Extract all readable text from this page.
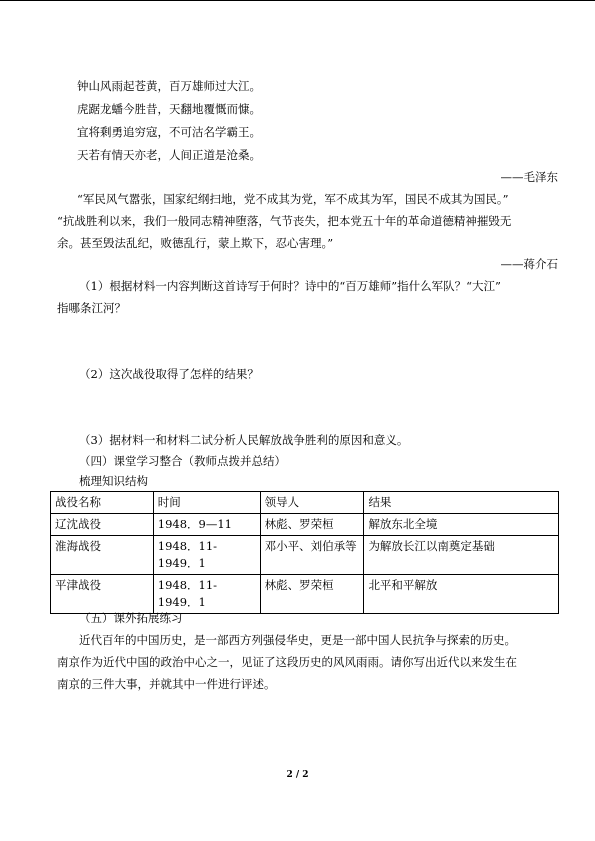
钟山风雨起苍黄，百万雄师过大江。
虎踞龙蟠今胜昔，天翻地覆慨而慷。
宜将剩勇追穷寇，不可沽名学霸王。
天若有情天亦老，人间正道是沧桑。
——毛泽东
“军民风气嚣张，国家纪纲扫地，党不成其为党，军不成其为军，国民不成其为国民。”
“抗战胜利以来，我们一般同志精神堕落，气节丧失，把本党五十年的革命道德精神摧毁无
余。甚至毁法乱纪，败德乱行，蒙上欺下，忍心害理。”
——蒋介石
（1）根据材料一内容判断这首诗写于何时？诗中的“百万雄师”指什么军队？“大江”
指哪条江河？
（2）这次战役取得了怎样的结果？
（3）据材料一和材料二试分析人民解放战争胜利的原因和意义。
（四）课堂学习整合（教师点拨并总结）
梳理知识结构
战役名称	时间	领导人	结果
辽沈战役	1948．9—11	林彪、罗荣桓	解放东北全境
淮海战役	1948．11-1949．1	邓小平、刘伯承等	为解放长江以南奠定基础
平津战役	1948．11-1949．1	林彪、罗荣桓	北平和平解放
（五）课外拓展练习
近代百年的中国历史，是一部西方列强侵华史，更是一部中国人民抗争与探索的历史。
南京作为近代中国的政治中心之一，见证了这段历史的风风雨雨。请你写出近代以来发生在
南京的三件大事，并就其中一件进行评述。
2 / 2
